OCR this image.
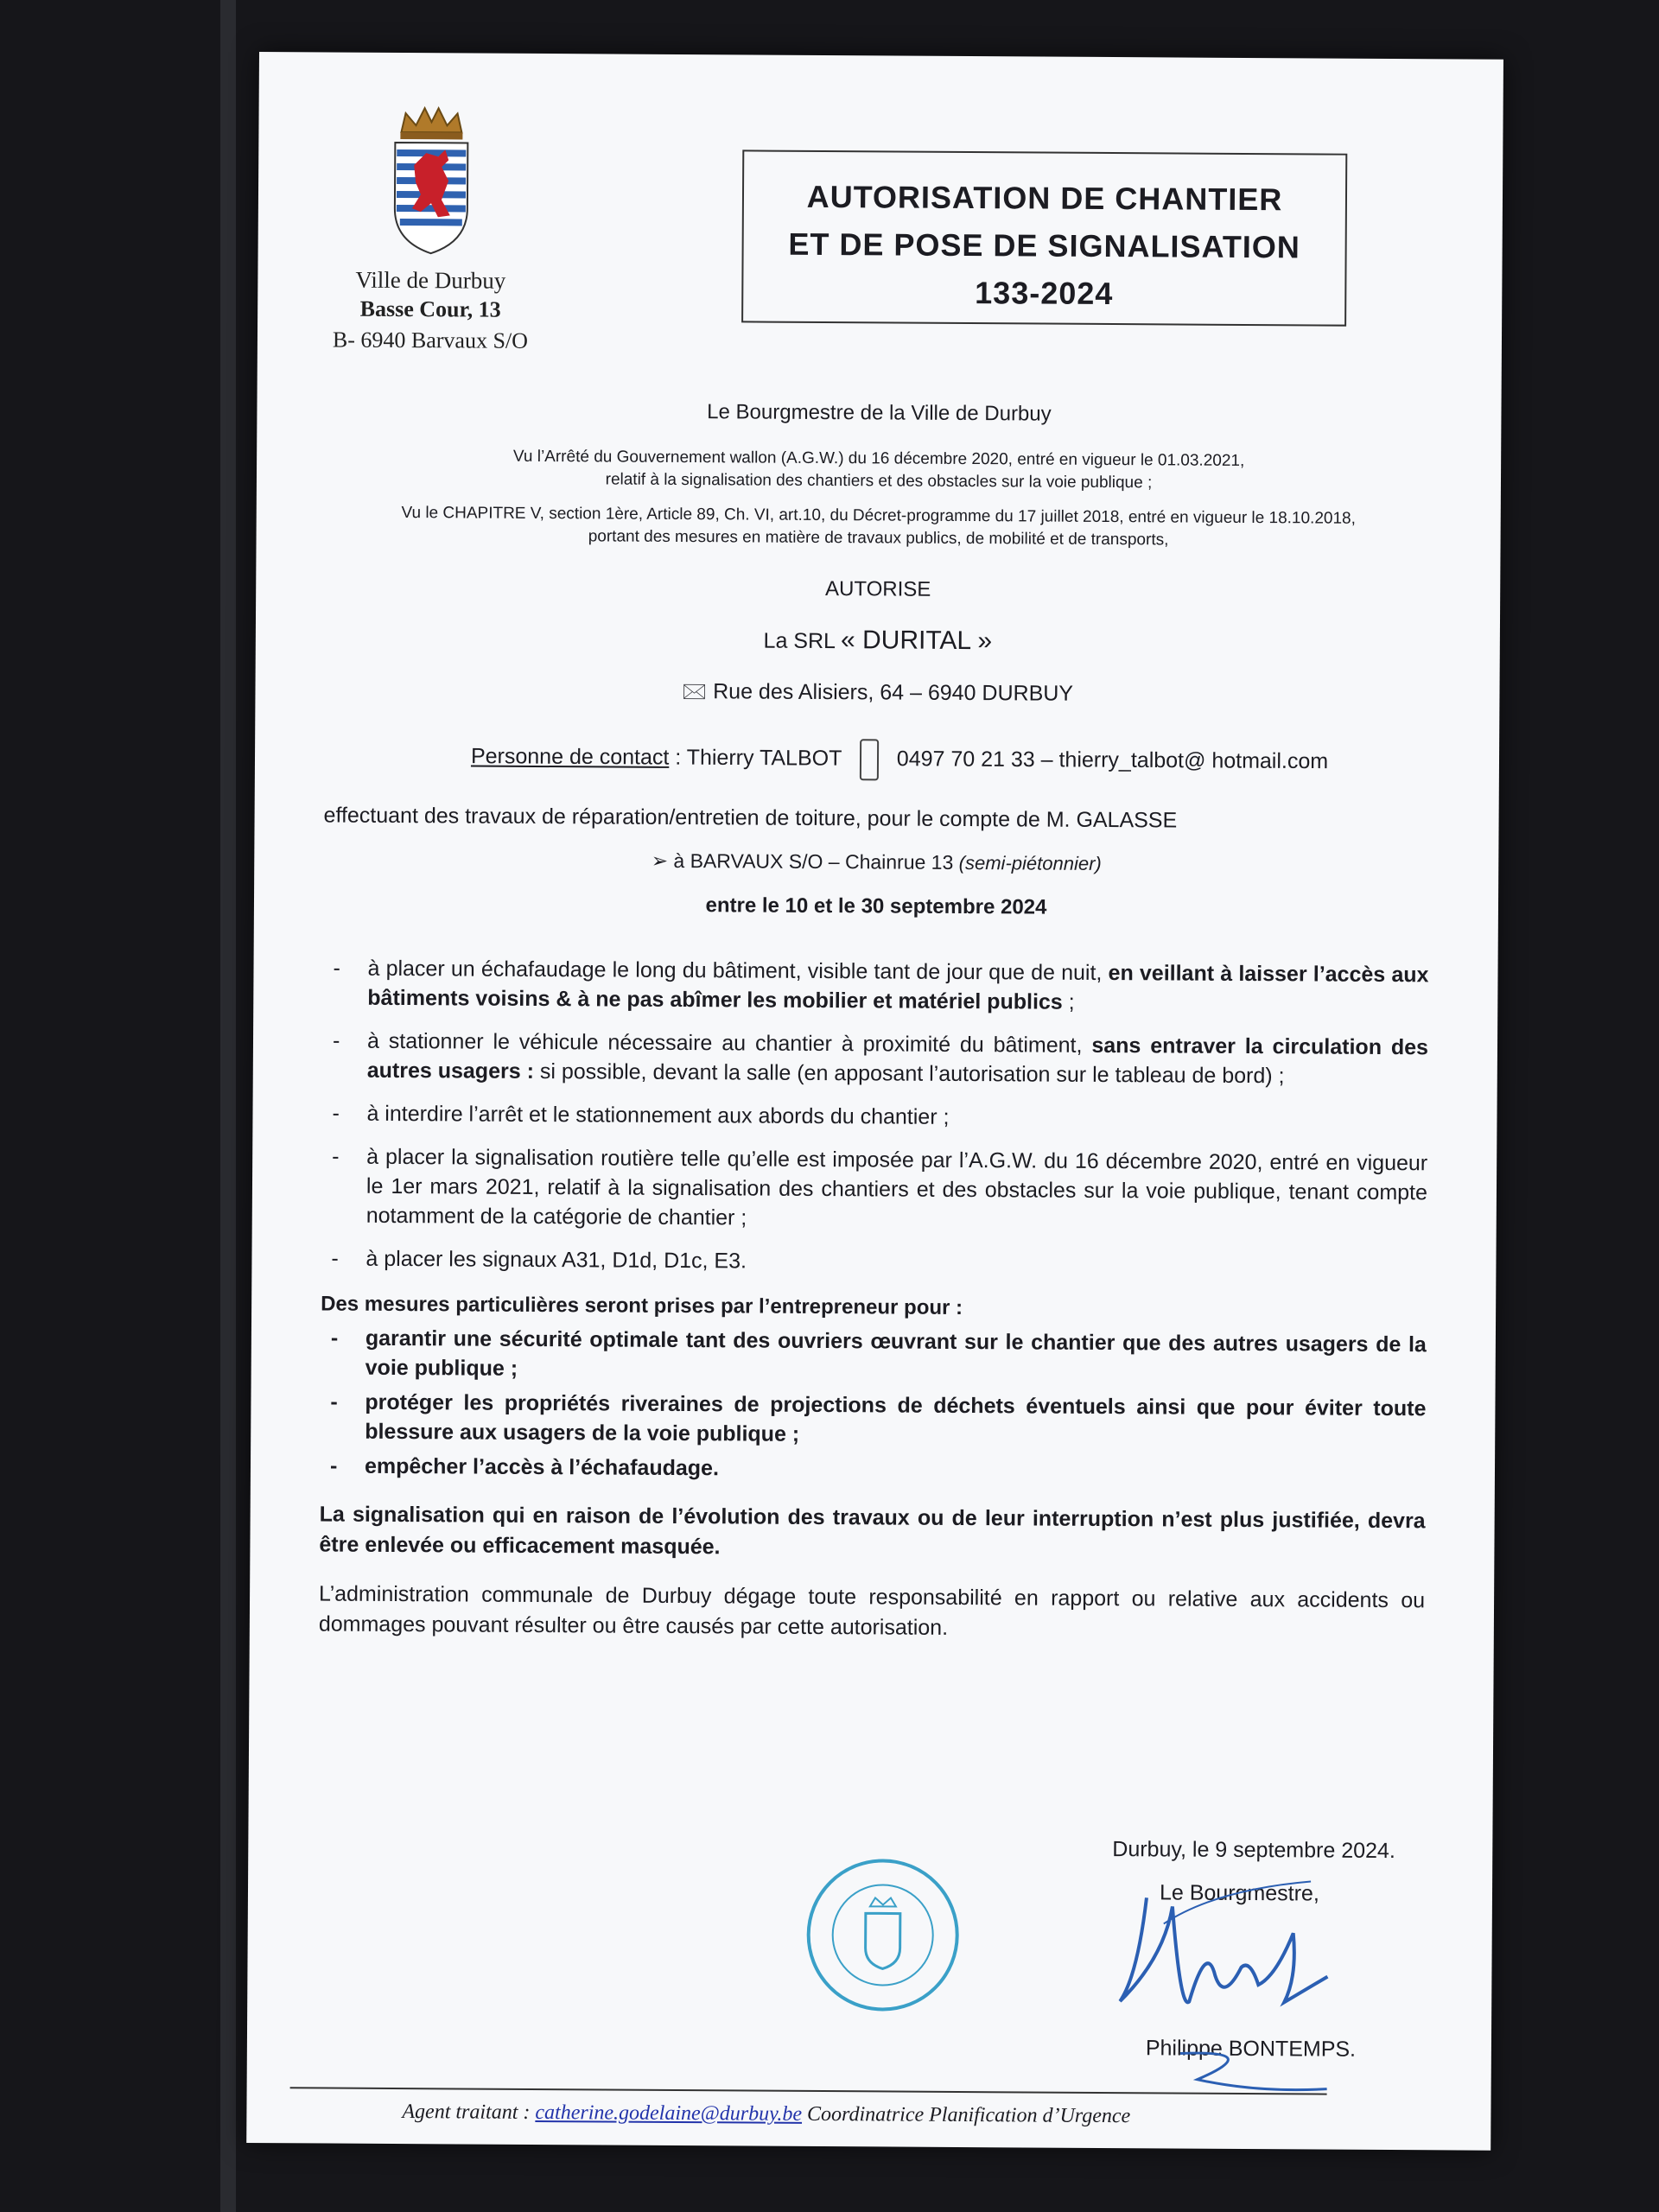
Ville de Durbuy
Basse Cour, 13
B- 6940 Barvaux S/O
AUTORISATION DE CHANTIER
ET DE POSE DE SIGNALISATION
133-2024
Le Bourgmestre de la Ville de Durbuy
Vu l’Arrêté du Gouvernement wallon (A.G.W.) du 16 décembre 2020, entré en vigueur le 01.03.2021,
relatif à la signalisation des chantiers et des obstacles sur la voie publique ;
Vu le CHAPITRE V, section 1ère, Article 89, Ch. VI, art.10, du Décret-programme du 17 juillet 2018, entré en vigueur le 18.10.2018,
portant des mesures en matière de travaux publics, de mobilité et de transports,
AUTORISE
La SRL « DURITAL »
🖂 Rue des Alisiers, 64 – 6940 DURBUY
Personne de contact : Thierry TALBOT	0497 70 21 33 – thierry_talbot@ hotmail.com
effectuant des travaux de réparation/entretien de toiture, pour le compte de M. GALASSE
➢ à BARVAUX S/O – Chainrue 13 (semi-piétonnier)
entre le 10 et le 30 septembre 2024
- à placer un échafaudage le long du bâtiment, visible tant de jour que de nuit, en veillant à laisser l’accès aux bâtiments voisins & à ne pas abîmer les mobilier et matériel publics ;
- à stationner le véhicule nécessaire au chantier à proximité du bâtiment, sans entraver la circulation des autres usagers : si possible, devant la salle (en apposant l’autorisation sur le tableau de bord) ;
- à interdire l’arrêt et le stationnement aux abords du chantier ;
- à placer la signalisation routière telle qu’elle est imposée par l’A.G.W. du 16 décembre 2020, entré en vigueur le 1er mars 2021, relatif à la signalisation des chantiers et des obstacles sur la voie publique, tenant compte notamment de la catégorie de chantier ;
- à placer les signaux A31, D1d, D1c, E3.
Des mesures particulières seront prises par l’entrepreneur pour :
- garantir une sécurité optimale tant des ouvriers œuvrant sur le chantier que des autres usagers de la voie publique ;
- protéger les propriétés riveraines de projections de déchets éventuels ainsi que pour éviter toute blessure aux usagers de la voie publique ;
- empêcher l’accès à l’échafaudage.
La signalisation qui en raison de l’évolution des travaux ou de leur interruption n’est plus justifiée, devra être enlevée ou efficacement masquée.
L’administration communale de Durbuy dégage toute responsabilité en rapport ou relative aux accidents ou dommages pouvant résulter ou être causés par cette autorisation.
Durbuy, le 9 septembre 2024.
Le Bourgmestre,
Philippe BONTEMPS.
Agent traitant : catherine.godelaine@durbuy.be Coordinatrice Planification d’Urgence
